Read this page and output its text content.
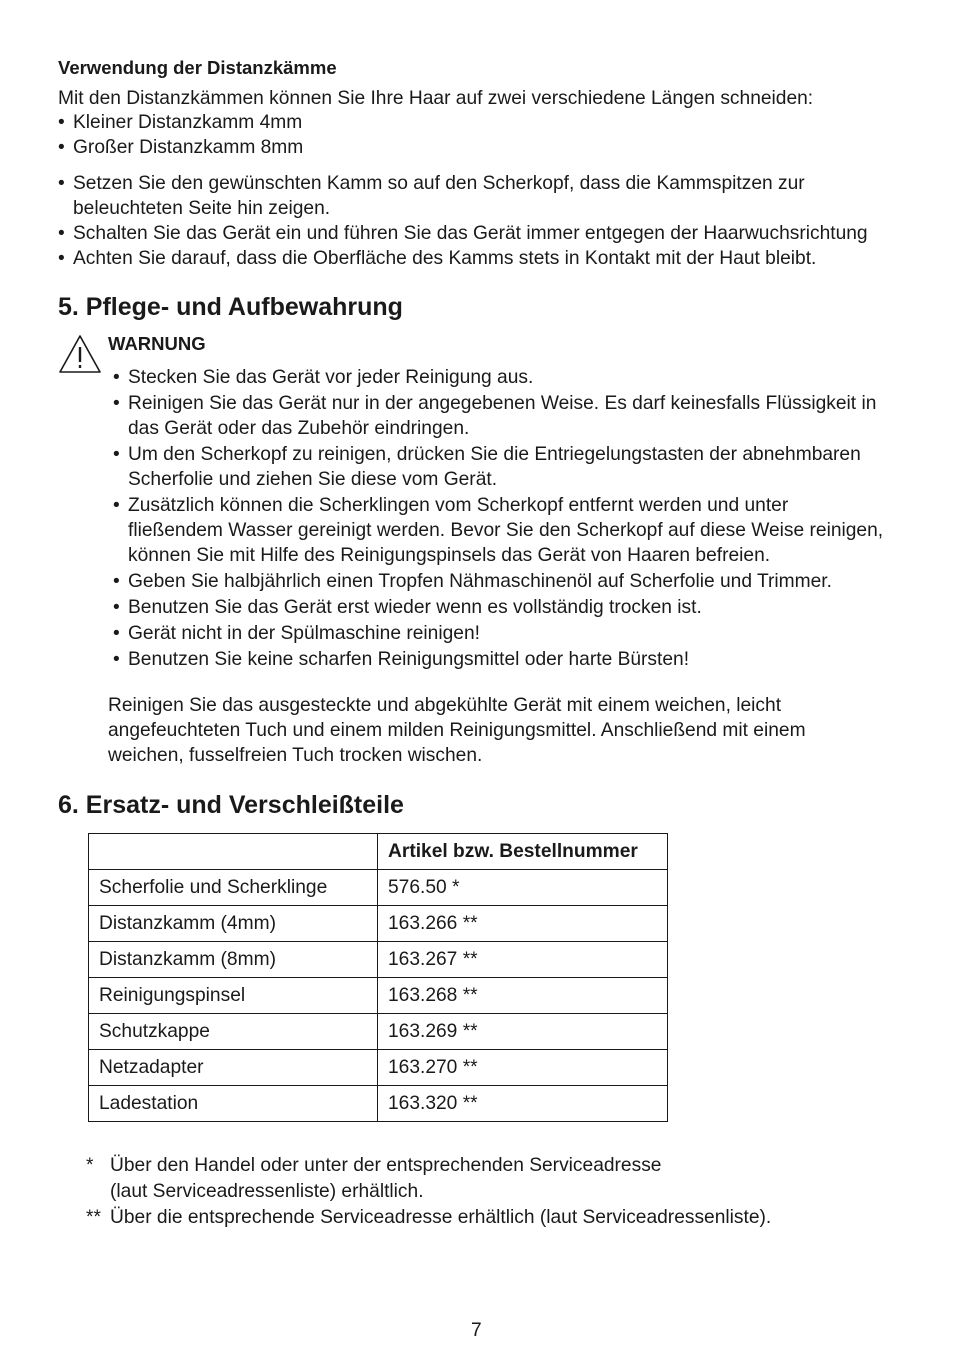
Verwendung der Distanzkämme
Mit den Distanzkämmen können Sie Ihre Haar auf zwei verschiedene Längen schneiden:
• Kleiner Distanzkamm 4mm
• Großer Distanzkamm 8mm
• Setzen Sie den gewünschten Kamm so auf den Scherkopf, dass die Kammspitzen zur beleuchteten Seite hin zeigen.
• Schalten Sie das Gerät ein und führen Sie das Gerät immer entgegen der Haarwuchsrichtung
• Achten Sie darauf, dass die Oberfläche des Kamms stets in Kontakt mit der Haut bleibt.
5. Pflege- und Aufbewahrung
WARNUNG
• Stecken Sie das Gerät vor jeder Reinigung aus.
• Reinigen Sie das Gerät nur in der angegebenen Weise. Es darf keinesfalls Flüssigkeit in das Gerät oder das Zubehör eindringen.
• Um den Scherkopf zu reinigen, drücken Sie die Entriegelungstasten der abnehmbaren Scherfolie und ziehen Sie diese vom Gerät.
• Zusätzlich können die Scherklingen vom Scherkopf entfernt werden und unter fließendem Wasser gereinigt werden. Bevor Sie den Scherkopf auf diese Weise reinigen, können Sie mit Hilfe des Reinigungspinsels das Gerät von Haaren befreien.
• Geben Sie halbjährlich einen Tropfen Nähmaschinenöl auf Scherfolie und Trimmer.
• Benutzen Sie das Gerät erst wieder wenn es vollständig trocken ist.
• Gerät nicht in der Spülmaschine reinigen!
• Benutzen Sie keine scharfen Reinigungsmittel oder harte Bürsten!
Reinigen Sie das ausgesteckte und abgekühlte Gerät mit einem weichen, leicht angefeuchteten Tuch und einem milden Reinigungsmittel. Anschließend mit einem weichen, fusselfreien Tuch trocken wischen.
6. Ersatz- und Verschleißteile
	Artikel bzw. Bestellnummer
Scherfolie und Scherklinge	576.50 *
Distanzkamm (4mm)	163.266 **
Distanzkamm (8mm)	163.267 **
Reinigungspinsel	163.268 **
Schutzkappe	163.269 **
Netzadapter	163.270 **
Ladestation	163.320 **
* Über den Handel oder unter der entsprechenden Serviceadresse
(laut Serviceadressenliste) erhältlich.
** Über die entsprechende Serviceadresse erhältlich (laut Serviceadressenliste).
7
